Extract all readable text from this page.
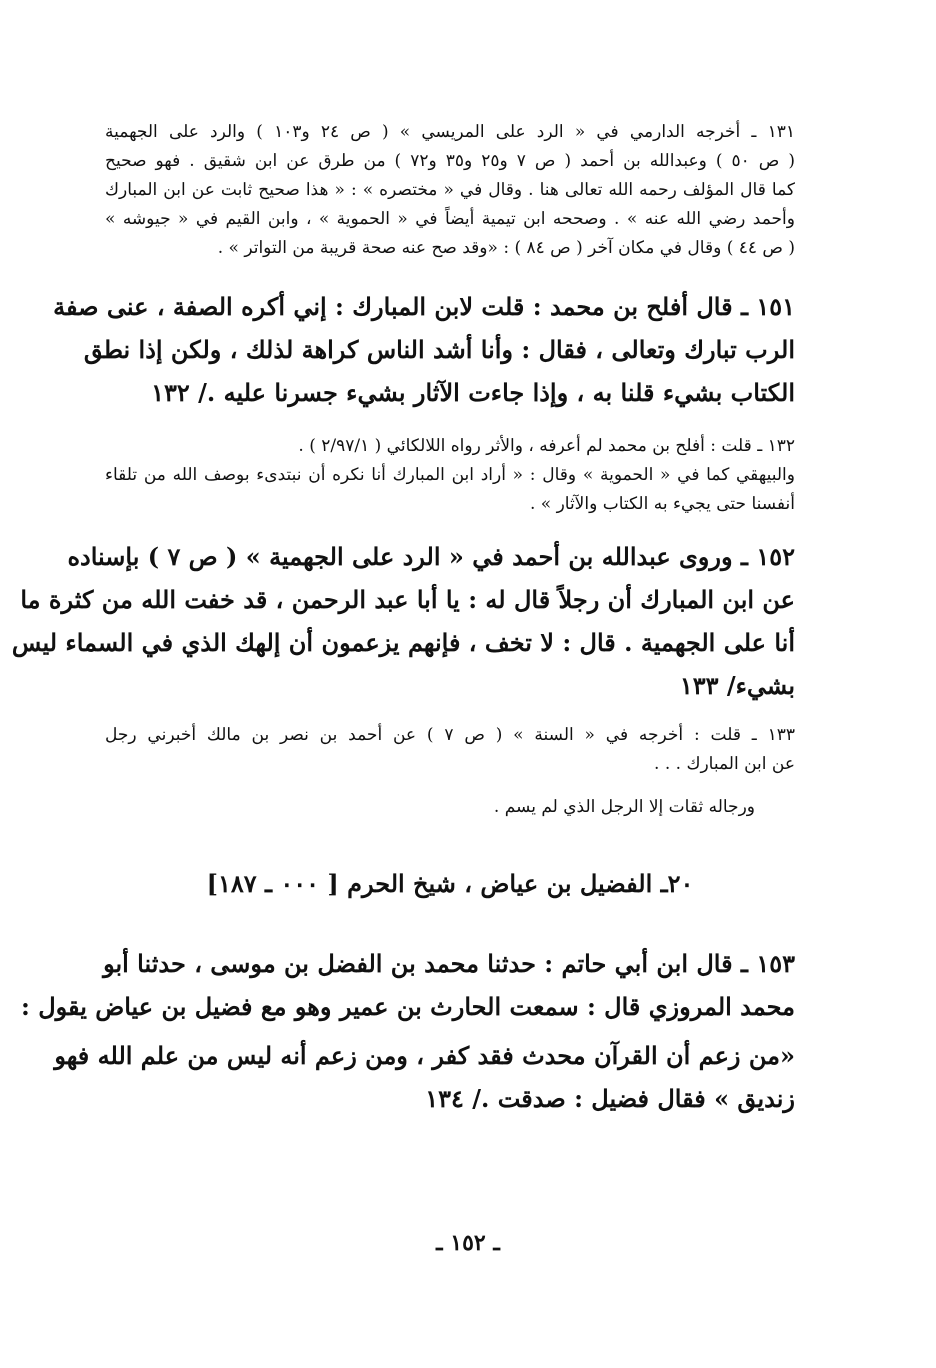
١٣١ ـ أخرجه الدارمي في « الرد على المريسي » ( ص ٢٤ و١٠٣ ) والرد على الجهمية
( ص ٥٠ ) وعبدالله بن أحمد ( ص ٧ و٢٥ و٣٥ و٧٢ ) من طرق عن ابن شقيق . فهو صحيح
كما قال المؤلف رحمه الله تعالى هنا . وقال في « مختصره » : « هذا صحيح ثابت عن ابن المبارك
وأحمد رضي الله عنه » . وصححه ابن تيمية أيضاً في « الحموية » ، وابن القيم في « جيوشه »
( ص ٤٤ ) وقال في مكان آخر ( ص ٨٤ ) : «وقد صح عنه صحة قريبة من التواتر » .
١٥١ ـ قال أفلح بن محمد : قلت لابن المبارك : إني أكره الصفة ، عنى صفة
الرب تبارك وتعالى ، فقال : وأنا أشد الناس كراهة لذلك ، ولكن إذا نطق
الكتاب بشيء قلنا به ، وإذا جاءت الآثار بشيء جسرنا عليه ./ ١٣٢
١٣٢ ـ قلت : أفلح بن محمد لم أعرفه ، والأثر رواه اللالكائي ( ٢/٩٧/١ ) .
والبيهقي كما في « الحموية » وقال : « أراد ابن المبارك أنا نكره أن نبتدىء بوصف الله من تلقاء
أنفسنا حتى يجيء به الكتاب والآثار » .
١٥٢ ـ وروى عبدالله بن أحمد في « الرد على الجهمية » ( ص ٧ ) بإسناده
عن ابن المبارك أن رجلاً قال له : يا أبا عبد الرحمن ، قد خفت الله من كثرة ما
أنا على الجهمية . قال : لا تخف ، فإنهم يزعمون أن إلهك الذي في السماء ليس
بشيء/ ١٣٣
١٣٣ ـ قلت : أخرجه في « السنة » ( ص ٧ ) عن أحمد بن نصر بن مالك أخبرني رجل
عن ابن المبارك . . .
ورجاله ثقات إلا الرجل الذي لم يسم .
٢٠ـ الفضيل بن عياض ، شيخ الحرم [ ٠٠٠ ـ ١٨٧]
١٥٣ ـ قال ابن أبي حاتم : حدثنا محمد بن الفضل بن موسى ، حدثنا أبو
محمد المروزي قال : سمعت الحارث بن عمير وهو مع فضيل بن عياض يقول :
«من زعم أن القرآن محدث فقد كفر ، ومن زعم أنه ليس من علم الله فهو
زنديق » فقال فضيل : صدقت ./ ١٣٤
ـ ١٥٢ ـ
